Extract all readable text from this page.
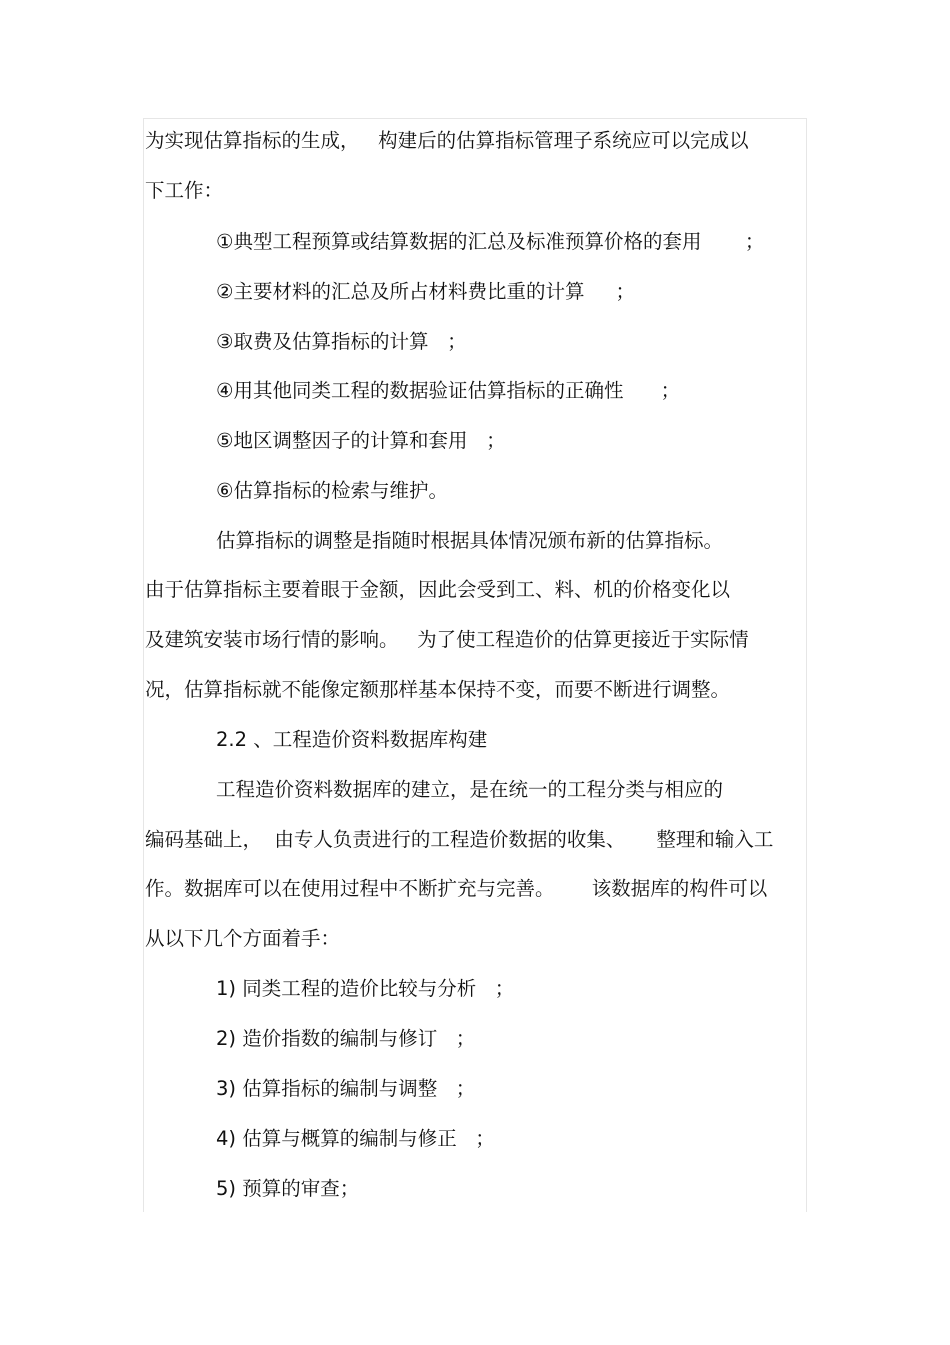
为实现估算指标的生成，   构建后的估算指标管理子系统应可以完成以
下工作：
①典型工程预算或结算数据的汇总及标准预算价格的套用       ；
②主要材料的汇总及所占材料费比重的计算     ；
③取费及估算指标的计算   ；
④用其他同类工程的数据验证估算指标的正确性      ；
⑤地区调整因子的计算和套用   ；
⑥估算指标的检索与维护。
估算指标的调整是指随时根据具体情况颁布新的估算指标。
由于估算指标主要着眼于金额，因此会受到工、料、机的价格变化以
及建筑安装市场行情的影响。   为了使工程造价的估算更接近于实际情
况，估算指标就不能像定额那样基本保持不变，而要不断进行调整。
2.2 、工程造价资料数据库构建
工程造价资料数据库的建立，是在统一的工程分类与相应的
编码基础上，  由专人负责进行的工程造价数据的收集、     整理和输入工
作。数据库可以在使用过程中不断扩充与完善。      该数据库的构件可以
从以下几个方面着手：
1) 同类工程的造价比较与分析   ；
2) 造价指数的编制与修订   ；
3) 估算指标的编制与调整   ；
4) 估算与概算的编制与修正   ；
5) 预算的审查；
